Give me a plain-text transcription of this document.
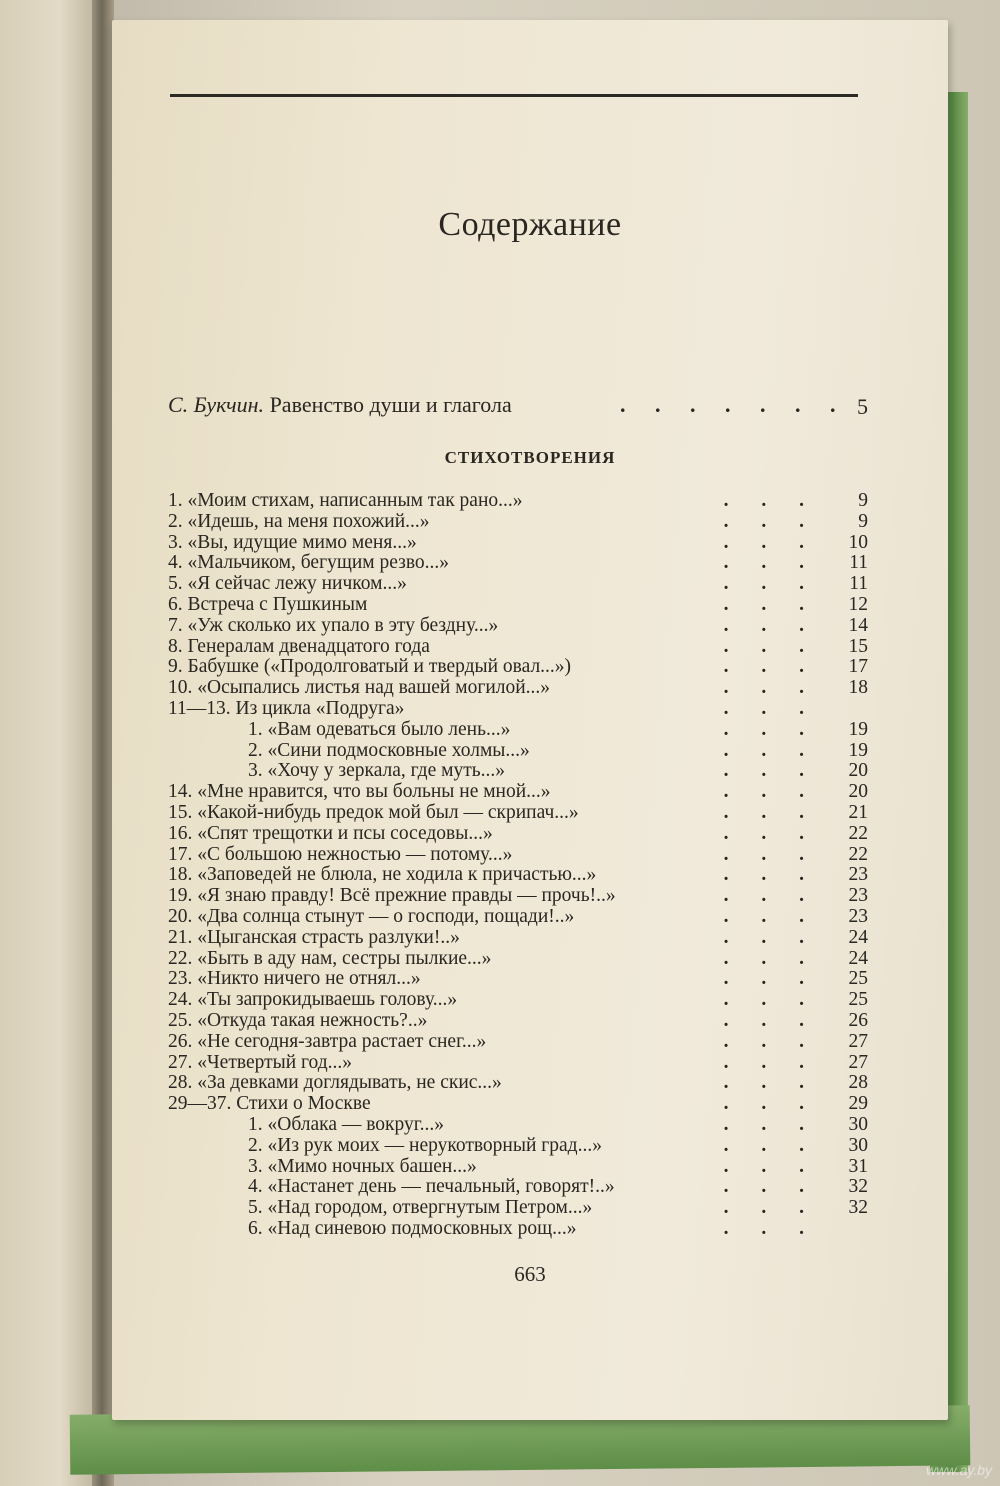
Содержание
С. Букчин. Равенство души и глагола	. . . . . . . 5
СТИХОТВОРЕНИЯ
1. «Моим стихам, написанным так рано...»	. . .	9
2. «Идешь, на меня похожий...»	. . .	9
3. «Вы, идущие мимо меня...»	. . .	10
4. «Мальчиком, бегущим резво...»	. . .	11
5. «Я сейчас лежу ничком...»	. . .	11
6. Встреча с Пушкиным	. . .	12
7. «Уж сколько их упало в эту бездну...»	. . .	14
8. Генералам двенадцатого года	. . .	15
9. Бабушке («Продолговатый и твердый овал...»)	. . .	17
10. «Осыпались листья над вашей могилой...»	. . .	18
11—13. Из цикла «Подруга»	. . .
1. «Вам одеваться было лень...»	. . .	19
2. «Сини подмосковные холмы...»	. . .	19
3. «Хочу у зеркала, где муть...»	. . .	20
14. «Мне нравится, что вы больны не мной...»	. . .	20
15. «Какой-нибудь предок мой был — скрипач...»	. . .	21
16. «Спят трещотки и псы соседовы...»	. . .	22
17. «С большою нежностью — потому...»	. . .	22
18. «Заповедей не блюла, не ходила к причастью...»	. . .	23
19. «Я знаю правду! Всё прежние правды — прочь!..»	. . .	23
20. «Два солнца стынут — о господи, пощади!..»	. . .	23
21. «Цыганская страсть разлуки!..»	. . .	24
22. «Быть в аду нам, сестры пылкие...»	. . .	24
23. «Никто ничего не отнял...»	. . .	25
24. «Ты запрокидываешь голову...»	. . .	25
25. «Откуда такая нежность?..»	. . .	26
26. «Не сегодня-завтра растает снег...»	. . .	27
27. «Четвертый год...»	. . .	27
28. «За девками доглядывать, не скис...»	. . .	28
29—37. Стихи о Москве	. . .	29
1. «Облака — вокруг...»	. . .	30
2. «Из рук моих — нерукотворный град...»	. . .	30
3. «Мимо ночных башен...»	. . .	31
4. «Настанет день — печальный, говорят!..»	. . .	32
5. «Над городом, отвергнутым Петром...»	. . .	32
6. «Над синевою подмосковных рощ...»	. . .
663
www.ay.by
